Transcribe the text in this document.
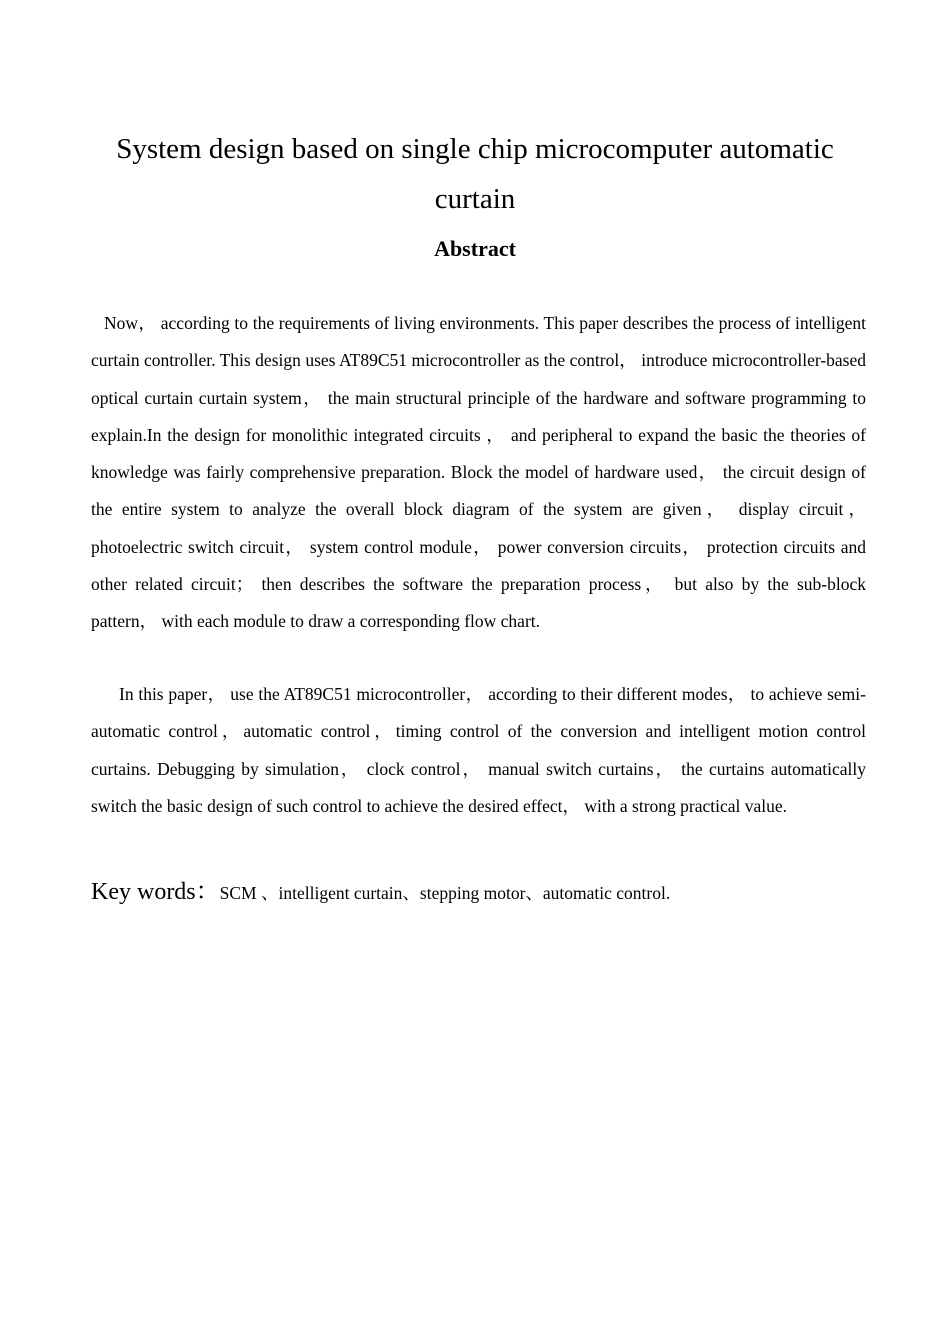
System design based on single chip microcomputer automatic curtain
Abstract

Now， according to the requirements of living environments. This paper describes the process of intelligent curtain controller. This design uses AT89C51 microcontroller as the control， introduce microcontroller-based optical curtain curtain system， the main structural principle of the hardware and software programming to explain.In the design for monolithic integrated circuits ， and peripheral to expand the basic the theories of knowledge was fairly comprehensive preparation. Block the model of hardware used， the circuit design of the entire system to analyze the overall block diagram of the system are given， display circuit， photoelectric switch circuit， system control module， power conversion circuits， protection circuits and other related circuit； then describes the software the preparation process， but also by the sub-block pattern， with each module to draw a corresponding flow chart.

In this paper， use the AT89C51 microcontroller， according to their different modes， to achieve semi-automatic control，automatic control，timing control of the conversion and intelligent motion control curtains. Debugging by simulation， clock control， manual switch curtains， the curtains automatically switch the basic design of such control to achieve the desired effect， with a strong practical value.

Key words：SCM 、intelligent curtain、stepping motor、automatic control.
